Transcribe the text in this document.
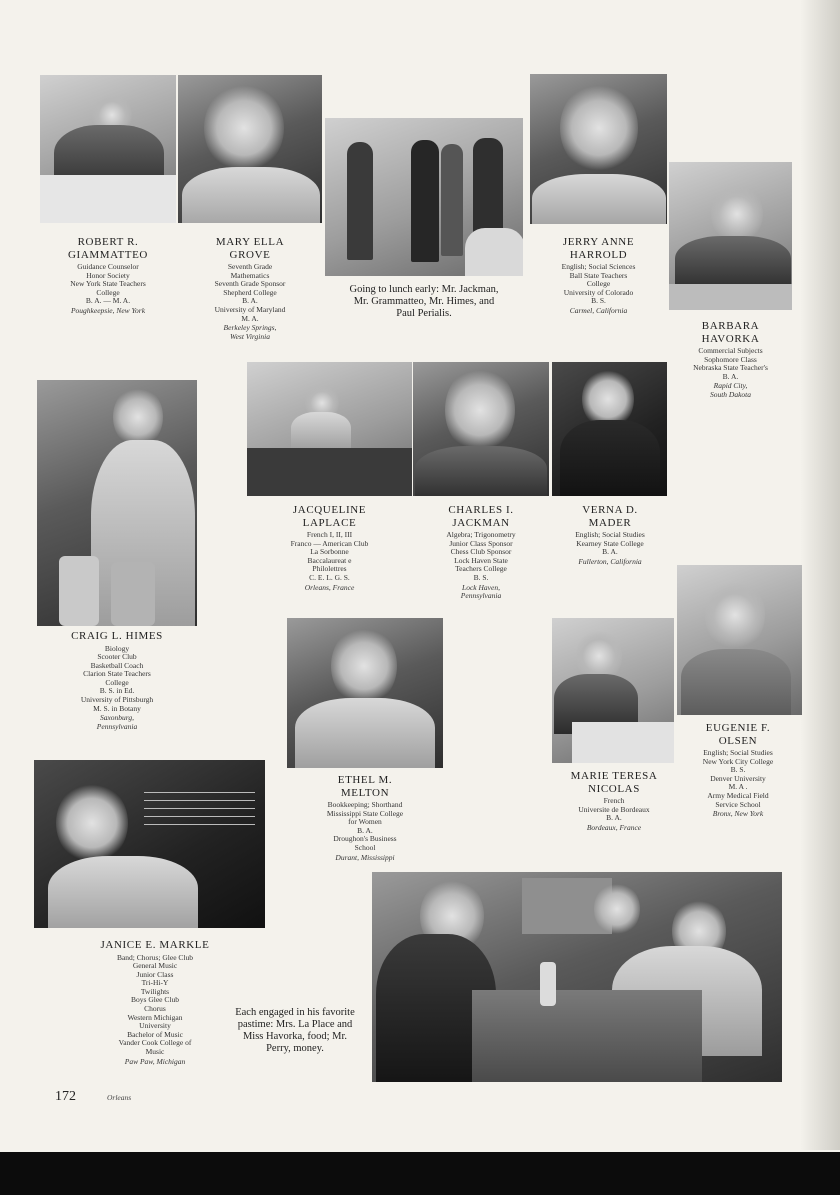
ROBERT R.
GIAMMATTEO
Guidance Counselor
Honor Society
New York State Teachers
College
B. A. — M. A.
Poughkeepsie, New York
MARY ELLA
GROVE
Seventh Grade
Mathematics
Seventh Grade Sponsor
Shepherd College
B. A.
University of Maryland
M. A.
Berkeley Springs,
West Virginia
Going to lunch early: Mr. Jackman,
Mr. Grammatteo, Mr. Himes, and
Paul Perialis.
JERRY ANNE
HARROLD
English; Social Sciences
Ball State Teachers
College
University of Colorado
B. S.
Carmel, California
BARBARA
HAVORKA
Commercial Subjects
Sophomore Class
Nebraska State Teacher's
B. A.
Rapid City,
South Dakota
CRAIG L. HIMES
Biology
Scooter Club
Basketball Coach
Clarion State Teachers
College
B. S. in Ed.
University of Pittsburgh
M. S. in Botany
Saxonburg,
Pennsylvania
JACQUELINE
LAPLACE
French I, II, III
Franco — American Club
La Sorbonne
Baccalaureat e
Philolettres
C. E. L. G. S.
Orleans, France
CHARLES I.
JACKMAN
Algebra; Trigonometry
Junior Class Sponsor
Chess Club Sponsor
Lock Haven State
Teachers College
B. S.
Lock Haven,
Pennsylvania
VERNA D.
MADER
English; Social Studies
Kearney State College
B. A.
Fullerton, California
EUGENIE F.
OLSEN
English; Social Studies
New York City College
B. S.
Denver University
M. A .
Army Medical Field
Service School
Bronx, New York
ETHEL M.
MELTON
Bookkeeping; Shorthand
Mississippi State College
for Women
B. A.
Droughon's Business
School
Durant, Mississippi
MARIE TERESA
NICOLAS
French
Universite de Bordeaux
B. A.
Bordeaux, France
JANICE E. MARKLE
Band; Chorus; Glee Club
General Music
Junior Class
Tri-Hi-Y
Twilights
Boys Glee Club
Chorus
Western Michigan
University
Bachelor of Music
Vander Cook College of
Music
Paw Paw, Michigan
Each engaged in his favorite
pastime: Mrs. La Place and
Miss Havorka, food; Mr.
Perry, money.
172	Orleans
